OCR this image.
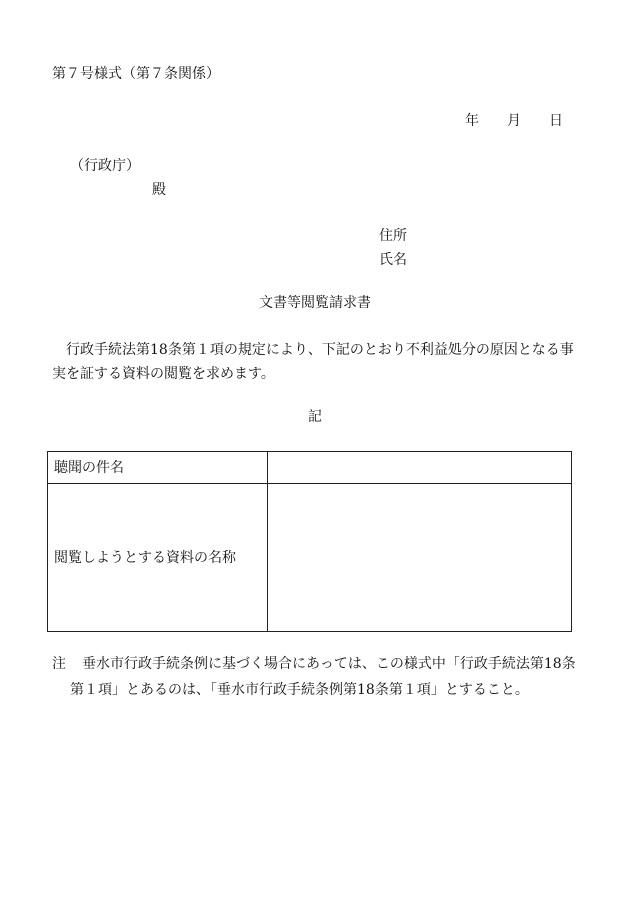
第７号様式（第７条関係）
年 月 日
（行政庁）
殿
住所
氏名
文書等閲覧請求書
　行政手続法第18条第１項の規定により、下記のとおり不利益処分の原因となる事
実を証する資料の閲覧を求めます。
記
聴聞の件名	
閲覧しようとする資料の名称	
注 垂水市行政手続条例に基づく場合にあっては、この様式中「行政手続法第18条
第１項」とあるのは、「垂水市行政手続条例第18条第１項」とすること。
